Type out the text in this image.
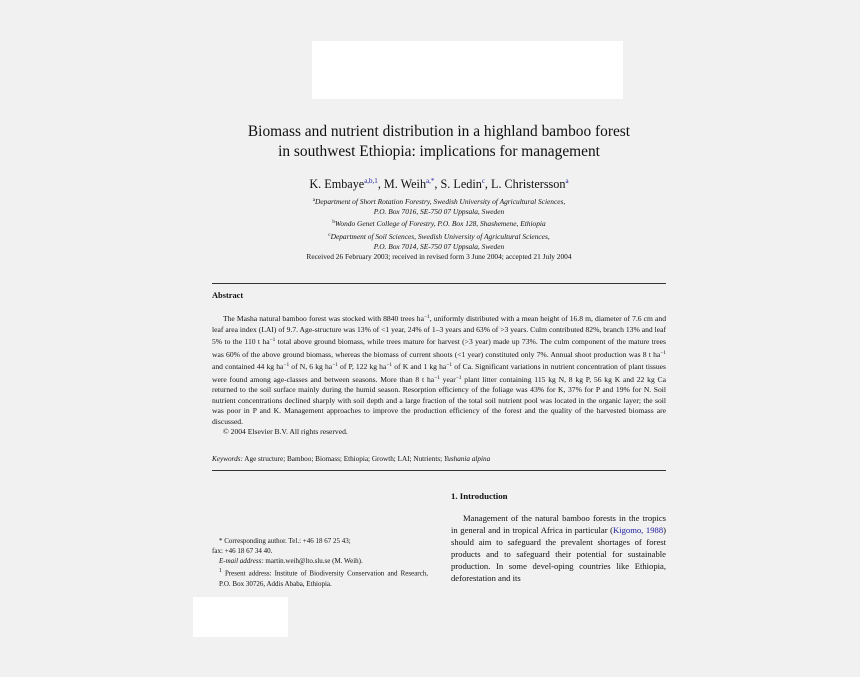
Biomass and nutrient distribution in a highland bamboo forest
in southwest Ethiopia: implications for management
K. Embaye$^{a,b,1}$, M. Weih$^{a,*}$, S. Ledin$^c$, L. Christersson$^a$
$^a$Department of Short Rotation Forestry, Swedish University of Agricultural Sciences,
P.O. Box 7016, SE-750 07 Uppsala, Sweden
$^b$Wondo Genet College of Forestry, P.O. Box 128, Shashemene, Ethiopia
$^c$Department of Soil Sciences, Swedish University of Agricultural Sciences,
P.O. Box 7014, SE-750 07 Uppsala, Sweden
Received 26 February 2003; received in revised form 3 June 2004; accepted 21 July 2004
Abstract

The Masha natural bamboo forest was stocked with 8840 trees $ha^{-1}$, uniformly distributed with a mean height of 16.8 m, diameter of 7.6 cm and leaf area index (LAI) of 9.7. Age-structure was 13% of <1 year, 24% of 1–3 years and 63% of >3 years. Culm contributed 82%, branch 13% and leaf 5% to the 110 t $ha^{-1}$ total above ground biomass, while trees mature for harvest (>3 year) made up 73%. The culm component of the mature trees was 60% of the above ground biomass, whereas the biomass of current shoots (<1 year) constituted only 7%. Annual shoot production was 8 t $ha^{-1}$ and contained 44 kg $ha^{-1}$ of N, 6 kg $ha^{-1}$ of P, 122 kg $ha^{-1}$ of K and 1 kg $ha^{-1}$ of Ca. Significant variations in nutrient concentration of plant tissues were found among age-classes and between seasons. More than 8 t $ha^{-1}$ year$^{-1}$ plant litter containing 115 kg N, 8 kg P, 56 kg K and 22 kg Ca returned to the soil surface mainly during the humid season. Resorption efficiency of the foliage was 43% for K, 37% for P and 19% for N. Soil nutrient concentrations declined sharply with soil depth and a large fraction of the total soil nutrient pool was located in the organic layer; the soil was poor in P and K. Management approaches to improve the production efficiency of the forest and the quality of the harvested biomass are discussed.

© 2004 Elsevier B.V. All rights reserved.

Keywords: Age structure; Bamboo; Biomass; Ethiopia; Growth; LAI; Nutrients; Yushania alpina
1. Introduction

Management of the natural bamboo forests in the tropics in general and in tropical Africa in particular (Kigomo, 1988) should aim to safeguard the prevalent shortages of forest products and to safeguard their potential for sustainable production. In some devel-oping countries like Ethiopia, deforestation and its

* Corresponding author. Tel.: +46 18 67 25 43;

fax: +46 18 67 34 40.

E-mail address: martin.weih@lto.slu.se (M. Weih).

$^1$ Present address: Institute of Biodiversity Conservation and Research, P.O. Box 30726, Addis Ababa, Ethiopia.
